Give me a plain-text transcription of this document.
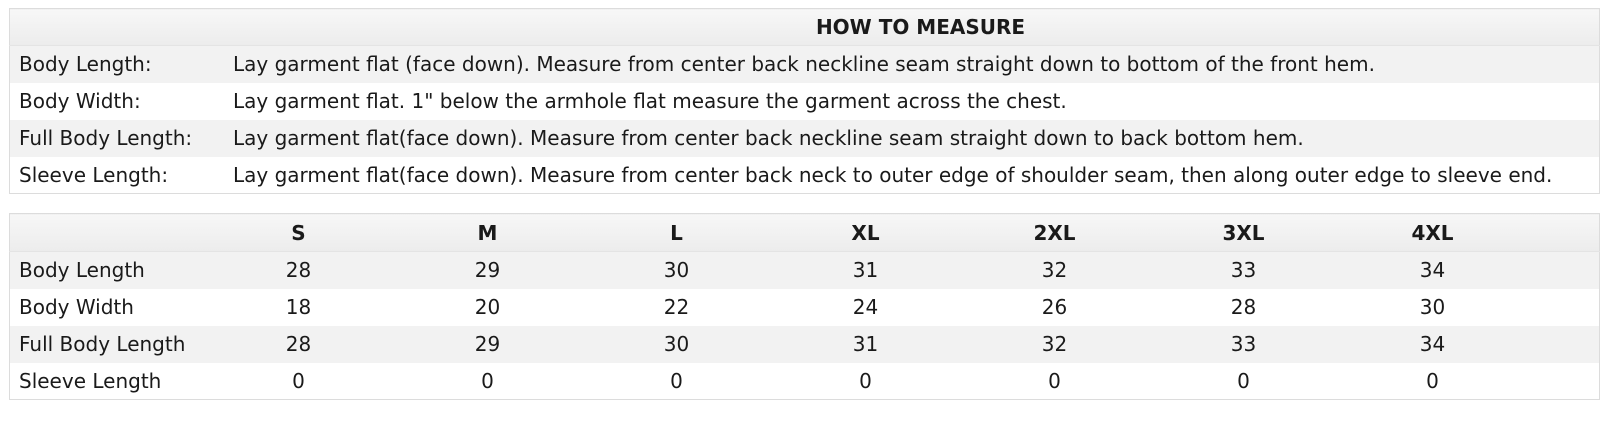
HOW TO MEASURE	
Body Length:	Lay garment flat (face down). Measure from center back neckline seam straight down to bottom of the front hem.
Body Width:	Lay garment flat. 1" below the armhole flat measure the garment across the chest.
Full Body Length:	Lay garment flat(face down). Measure from center back neckline seam straight down to back bottom hem.
Sleeve Length:	Lay garment flat(face down). Measure from center back neck to outer edge of shoulder seam, then along outer edge to sleeve end.
	S	M	L	XL	2XL	3XL	4XL	
Body Length	28	29	30	31	32	33	34	
Body Width	18	20	22	24	26	28	30	
Full Body Length	28	29	30	31	32	33	34	
Sleeve Length	0	0	0	0	0	0	0	
